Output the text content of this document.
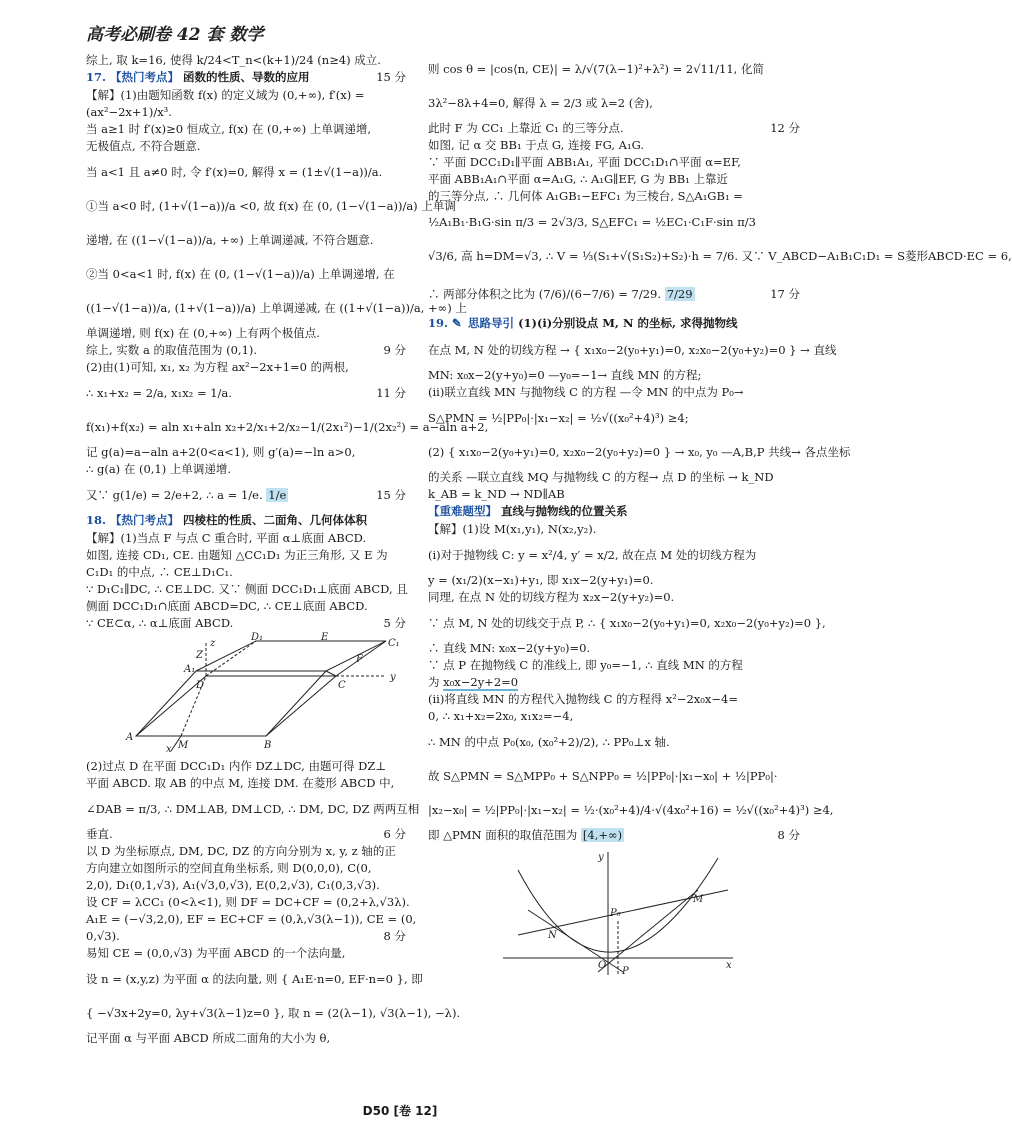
高考必刷卷 42 套 数学
综上, 取 k=16, 使得 k/24<T_n<(k+1)/24 (n≥4) 成立.
15 分
17. 【热门考点】 函数的性质、导数的应用
【解】(1)由题知函数 f(x) 的定义域为 (0,+∞), f′(x) =
(ax²−2x+1)/x³.
当 a≥1 时 f′(x)≥0 恒成立, f(x) 在 (0,+∞) 上单调递增,
无极值点, 不符合题意.
当 a<1 且 a≠0 时, 令 f′(x)=0, 解得 x = (1±√(1−a))/a.
①当 a<0 时, (1+√(1−a))/a <0, 故 f(x) 在 (0, (1−√(1−a))/a) 上单调
递增, 在 ((1−√(1−a))/a, +∞) 上单调递减, 不符合题意.
②当 0<a<1 时, f(x) 在 (0, (1−√(1−a))/a) 上单调递增, 在
((1−√(1−a))/a, (1+√(1−a))/a) 上单调递减, 在 ((1+√(1−a))/a, +∞) 上
单调递增, 则 f(x) 在 (0,+∞) 上有两个极值点.
综上, 实数 a 的取值范围为 (0,1).	9 分
(2)由(1)可知, x₁, x₂ 为方程 ax²−2x+1=0 的两根,
∴ x₁+x₂ = 2/a, x₁x₂ = 1/a.	11 分
f(x₁)+f(x₂) = aln x₁+aln x₂+2/x₁+2/x₂−1/(2x₁²)−1/(2x₂²) = a−aln a+2,
记 g(a)=a−aln a+2(0<a<1), 则 g′(a)=−ln a>0,
∴ g(a) 在 (0,1) 上单调递增.
又∵ g(1/e) = 2/e+2, ∴ a = 1/e. 1/e	15 分
18. 【热门考点】 四棱柱的性质、二面角、几何体体积
【解】(1)当点 F 与点 C 重合时, 平面 α⊥底面 ABCD.
如图, 连接 CD₁, CE. 由题知 △CC₁D₁ 为正三角形, 又 E 为
C₁D₁ 的中点, ∴ CE⊥D₁C₁.
∵ D₁C₁∥DC, ∴ CE⊥DC. 又∵ 侧面 DCC₁D₁⊥底面 ABCD, 且
侧面 DCC₁D₁∩底面 ABCD=DC, ∴ CE⊥底面 ABCD.
∵ CE⊂α, ∴ α⊥底面 ABCD.	5 分
A₁
D₁	E
C₁
Z
D
A
M	B
C
F
x
y
z
(2)过点 D 在平面 DCC₁D₁ 内作 DZ⊥DC, 由题可得 DZ⊥
平面 ABCD. 取 AB 的中点 M, 连接 DM. 在菱形 ABCD 中,
∠DAB = π/3, ∴ DM⊥AB, DM⊥CD, ∴ DM, DC, DZ 两两互相
垂直.	6 分
以 D 为坐标原点, DM, DC, DZ 的方向分别为 x, y, z 轴的正
方向建立如图所示的空间直角坐标系, 则 D(0,0,0), C(0,
2,0), D₁(0,1,√3), A₁(√3,0,√3), E(0,2,√3), C₁(0,3,√3).
设 CF = λCC₁ (0<λ<1), 则 DF = DC+CF = (0,2+λ,√3λ).
A₁E = (−√3,2,0), EF = EC+CF = (0,λ,√3(λ−1)), CE = (0,
0,√3).	8 分
易知 CE = (0,0,√3) 为平面 ABCD 的一个法向量,
设 n = (x,y,z) 为平面 α 的法向量, 则 { A₁E·n=0, EF·n=0 }, 即
{ −√3x+2y=0, λy+√3(λ−1)z=0 }, 取 n = (2(λ−1), √3(λ−1), −λ).
记平面 α 与平面 ABCD 所成二面角的大小为 θ,
则 cos θ = |cos⟨n, CE⟩| = λ/√(7(λ−1)²+λ²) = 2√11/11, 化简
3λ²−8λ+4=0, 解得 λ = 2/3 或 λ=2 (舍),
此时 F 为 CC₁ 上靠近 C₁ 的三等分点.	12 分
如图, 记 α 交 BB₁ 于点 G, 连接 FG, A₁G.
∵ 平面 DCC₁D₁∥平面 ABB₁A₁, 平面 DCC₁D₁∩平面 α=EF,
平面 ABB₁A₁∩平面 α=A₁G, ∴ A₁G∥EF, G 为 BB₁ 上靠近
的三等分点, ∴ 几何体 A₁GB₁−EFC₁ 为三棱台, S△A₁GB₁ =
½A₁B₁·B₁G·sin π/3 = 2√3/3, S△EFC₁ = ½EC₁·C₁F·sin π/3
√3/6, 高 h=DM=√3, ∴ V = ⅓(S₁+√(S₁S₂)+S₂)·h = 7/6. 又∵ V_ABCD−A₁B₁C₁D₁ = S菱形ABCD·EC = 6,
∴ 两部分体积之比为 (7/6)/(6−7/6) = 7/29. 7/29	17 分
19. ✎ 思路导引 (1)(i)分别设点 M, N 的坐标, 求得抛物线
在点 M, N 处的切线方程 → { x₁x₀−2(y₀+y₁)=0, x₂x₀−2(y₀+y₂)=0 } → 直线
MN: x₀x−2(y+y₀)=0 —y₀=−1→ 直线 MN 的方程;
(ii)联立直线 MN 与抛物线 C 的方程 —令 MN 的中点为 P₀→
S△PMN = ½|PP₀|·|x₁−x₂| = ½√((x₀²+4)³) ≥4;
(2) { x₁x₀−2(y₀+y₁)=0, x₂x₀−2(y₀+y₂)=0 } → x₀, y₀ —A,B,P 共线→ 各点坐标
的关系 —联立直线 MQ 与抛物线 C 的方程→ 点 D 的坐标 → k_ND
k_AB = k_ND → ND∥AB
【重难题型】 直线与抛物线的位置关系
【解】(1)设 M(x₁,y₁), N(x₂,y₂).
(i)对于抛物线 C: y = x²/4, y′ = x/2, 故在点 M 处的切线方程为
y = (x₁/2)(x−x₁)+y₁, 即 x₁x−2(y+y₁)=0.
同理, 在点 N 处的切线方程为 x₂x−2(y+y₂)=0.
∵ 点 M, N 处的切线交于点 P, ∴ { x₁x₀−2(y₀+y₁)=0, x₂x₀−2(y₀+y₂)=0 },
∴ 直线 MN: x₀x−2(y+y₀)=0.
∵ 点 P 在抛物线 C 的准线上, 即 y₀=−1, ∴ 直线 MN 的方程
为 x₀x−2y+2=0
(ii)将直线 MN 的方程代入抛物线 C 的方程得 x²−2x₀x−4=
0, ∴ x₁+x₂=2x₀, x₁x₂=−4,
∴ MN 的中点 P₀(x₀, (x₀²+2)/2), ∴ PP₀⊥x 轴.
故 S△PMN = S△MPP₀ + S△NPP₀ = ½|PP₀|·|x₁−x₀| + ½|PP₀|·
|x₂−x₀| = ½|PP₀|·|x₁−x₂| = ½·(x₀²+4)/4·√(4x₀²+16) = ½√((x₀²+4)³) ≥4,
即 △PMN 面积的取值范围为 [4,+∞)	8 分
y
x
M
N
P₀
P
O
D50 [卷 12]
